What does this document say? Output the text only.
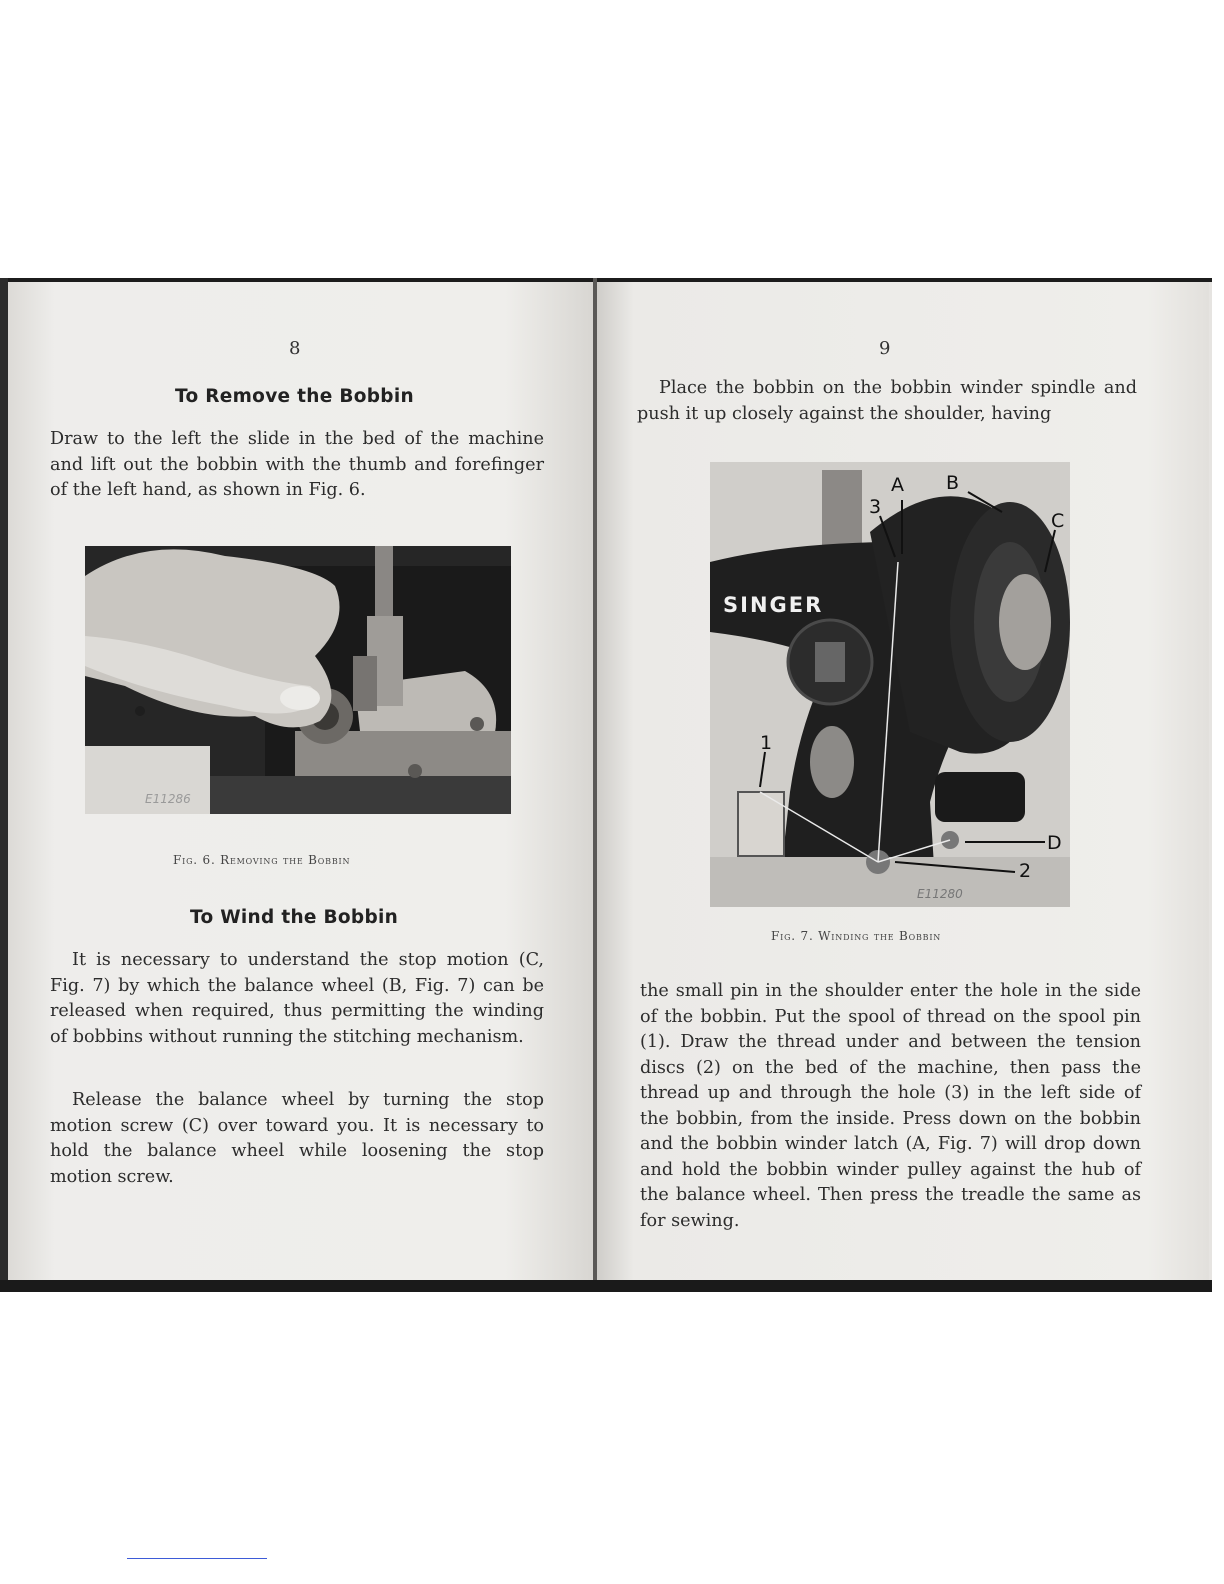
8
To Remove the Bobbin

Draw to the left the slide in the bed of the machine and lift out the bobbin with the thumb and forefinger of the left hand, as shown in Fig. 6.

E11286
Fig. 6. Removing the Bobbin
To Wind the Bobbin

It is necessary to understand the stop motion (C, Fig. 7) by which the balance wheel (B, Fig. 7) can be released when required, thus permitting the winding of bobbins without running the stitching mechanism.

Release the balance wheel by turning the stop motion screw (C) over toward you. It is necessary to hold the balance wheel while loosening the stop motion screw.

9

Place the bobbin on the bobbin winder spindle and push it up closely against the shoulder, having

SINGER
A B
C
3
1
D
2
E11280
Fig. 7. Winding the Bobbin

the small pin in the shoulder enter the hole in the side of the bobbin. Put the spool of thread on the spool pin (1). Draw the thread under and between the tension discs (2) on the bed of the machine, then pass the thread up and through the hole (3) in the left side of the bobbin, from the inside. Press down on the bobbin and the bobbin winder latch (A, Fig. 7) will drop down and hold the bobbin winder pulley against the hub of the balance wheel. Then press the treadle the same as for sewing.
